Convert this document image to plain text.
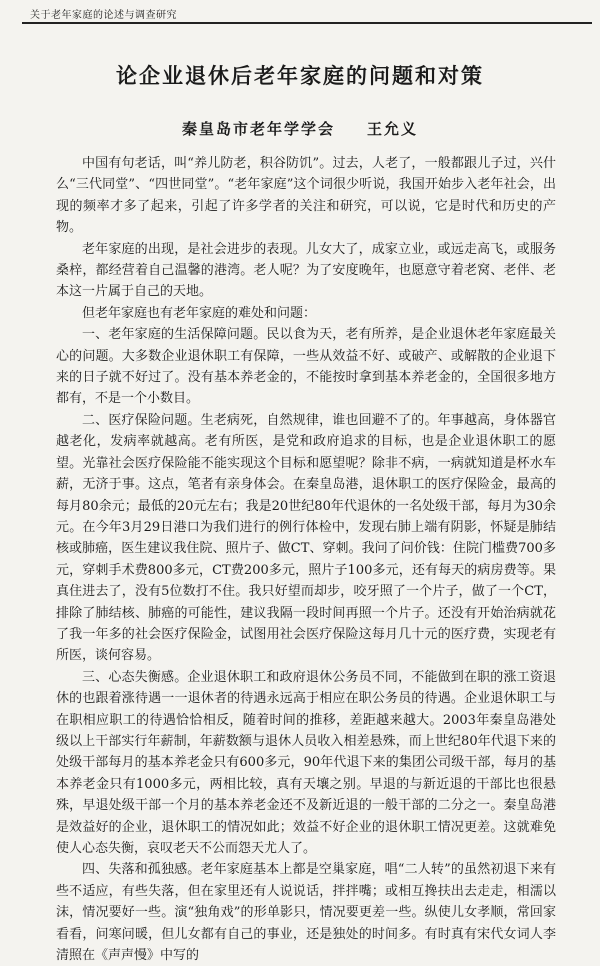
关于老年家庭的论述与调查研究
论企业退休后老年家庭的问题和对策
秦皇岛市老年学学会 王允义

中国有句老话，叫“养儿防老，积谷防饥”。过去，人老了，一般都跟儿子过，兴什么“三代同堂”、“四世同堂”。“老年家庭”这个词很少听说，我国开始步入老年社会，出现的频率才多了起来，引起了许多学者的关注和研究，可以说，它是时代和历史的产物。

老年家庭的出现，是社会进步的表现。儿女大了，成家立业，或远走高飞，或服务桑梓，都经营着自己温馨的港湾。老人呢？为了安度晚年，也愿意守着老窝、老伴、老本这一片属于自己的天地。

但老年家庭也有老年家庭的难处和问题：

一、老年家庭的生活保障问题。民以食为天，老有所养，是企业退休老年家庭最关心的问题。大多数企业退休职工有保障，一些从效益不好、或破产、或解散的企业退下来的日子就不好过了。没有基本养老金的，不能按时拿到基本养老金的，全国很多地方都有，不是一个小数目。

二、医疗保险问题。生老病死，自然规律，谁也回避不了的。年事越高，身体器官越老化，发病率就越高。老有所医，是党和政府追求的目标，也是企业退休职工的愿望。光靠社会医疗保险能不能实现这个目标和愿望呢？除非不病，一病就知道是杯水车薪，无济于事。这点，笔者有亲身体会。在秦皇岛港，退休职工的医疗保险金，最高的每月80余元；最低的20元左右；我是20世纪80年代退休的一名处级干部，每月为30余元。在今年3月29日港口为我们进行的例行体检中，发现右肺上端有阴影，怀疑是肺结核或肺癌，医生建议我住院、照片子、做CT、穿刺。我问了问价钱：住院门槛费700多元，穿刺手术费800多元，CT费200多元，照片子100多元，还有每天的病房费等。果真住进去了，没有5位数打不住。我只好望而却步，咬牙照了一个片子，做了一个CT，排除了肺结核、肺癌的可能性，建议我隔一段时间再照一个片子。还没有开始治病就花了我一年多的社会医疗保险金，试图用社会医疗保险这每月几十元的医疗费，实现老有所医，谈何容易。

三、心态失衡感。企业退休职工和政府退休公务员不同，不能做到在职的涨工资退休的也跟着涨待遇一一退休者的待遇永远高于相应在职公务员的待遇。企业退休职工与在职相应职工的待遇恰恰相反，随着时间的推移，差距越来越大。2003年秦皇岛港处级以上干部实行年薪制，年薪数额与退休人员收入相差悬殊，而上世纪80年代退下来的处级干部每月的基本养老金只有600多元，90年代退下来的集团公司级干部，每月的基本养老金只有1000多元，两相比较，真有天壤之别。早退的与新近退的干部比也很悬殊，早退处级干部一个月的基本养老金还不及新近退的一般干部的二分之一。秦皇岛港是效益好的企业，退休职工的情况如此；效益不好企业的退休职工情况更差。这就难免使人心态失衡，哀叹老天不公而怨天尤人了。

四、失落和孤独感。老年家庭基本上都是空巢家庭，唱“二人转”的虽然初退下来有些不适应，有些失落，但在家里还有人说说话，拌拌嘴；或相互搀扶出去走走，相濡以沫，情况要好一些。演“独角戏”的形单影只，情况要更差一些。纵使儿女孝顺，常回家看看，问寒问暖，但儿女都有自己的事业，还是独处的时间多。有时真有宋代女词人李清照在《声声慢》中写的
